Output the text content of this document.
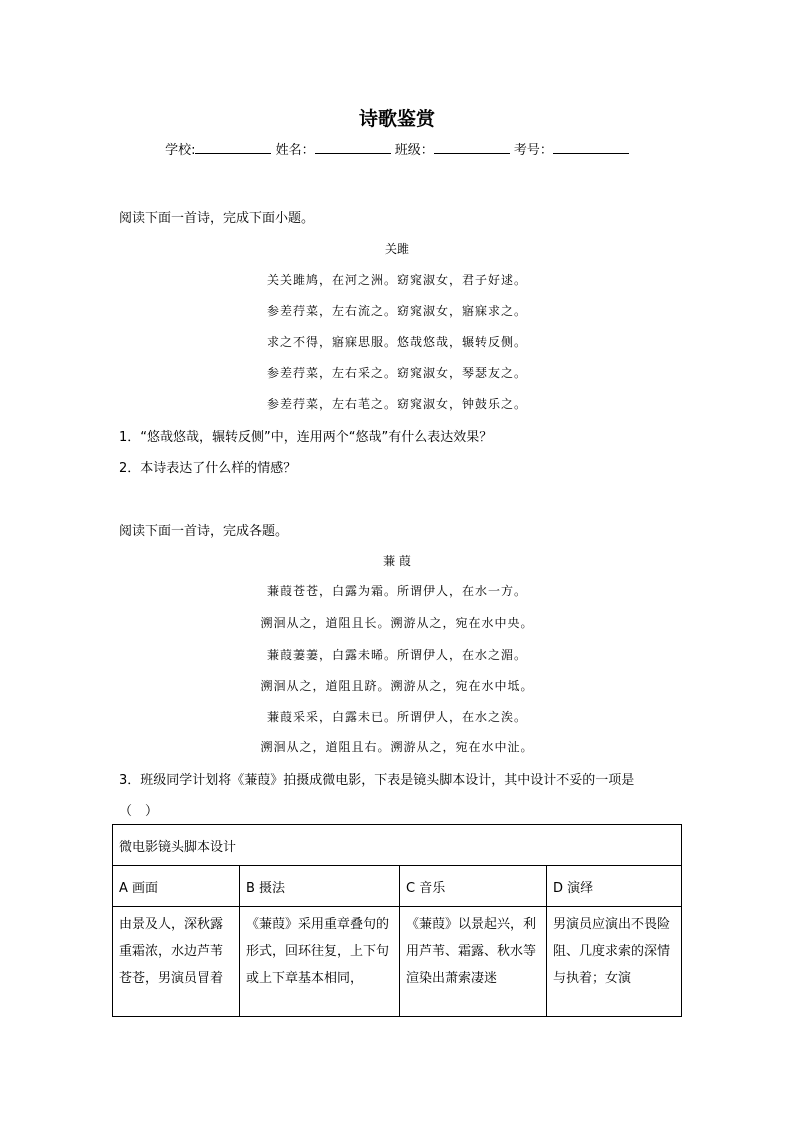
诗歌鉴赏
学校:	姓名：	班级：	考号：
阅读下面一首诗，完成下面小题。
关雎
关关雎鸠，在河之洲。窈窕淑女，君子好逑。
参差荇菜，左右流之。窈窕淑女，寤寐求之。
求之不得，寤寐思服。悠哉悠哉，辗转反侧。
参差荇菜，左右采之。窈窕淑女，琴瑟友之。
参差荇菜，左右芼之。窈窕淑女，钟鼓乐之。
1．“悠哉悠哉，辗转反侧”中，连用两个“悠哉”有什么表达效果？
2．本诗表达了什么样的情感？
阅读下面一首诗，完成各题。
蒹 葭
蒹葭苍苍，白露为霜。所谓伊人，在水一方。
溯洄从之，道阻且长。溯游从之，宛在水中央。
蒹葭萋萋，白露未晞。所谓伊人，在水之湄。
溯洄从之，道阻且跻。溯游从之，宛在水中坻。
蒹葭采采，白露未已。所谓伊人，在水之涘。
溯洄从之，道阻且右。溯游从之，宛在水中沚。
3．班级同学计划将《蒹葭》拍摄成微电影，下表是镜头脚本设计，其中设计不妥的一项是
（　）
微电影镜头脚本设计			
A 画面	B 摄法	C 音乐	D 演绎
由景及人，深秋露重霜浓，水边芦苇苍苍，男演员冒着	《蒹葭》采用重章叠句的形式，回环往复，上下句或上下章基本相同，	《蒹葭》以景起兴，利用芦苇、霜露、秋水等渲染出萧索凄迷	男演员应演出不畏险阻、几度求索的深情与执着；女演
